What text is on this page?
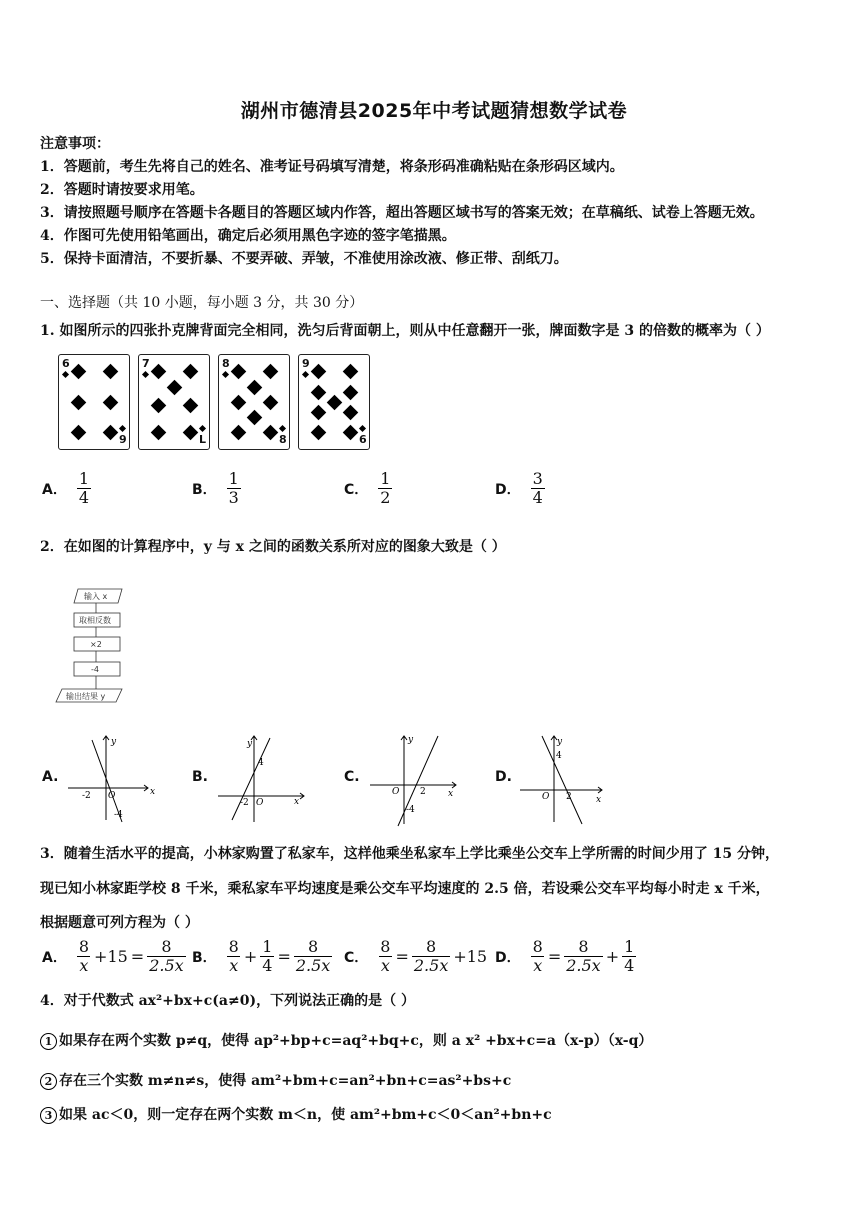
湖州市德清县2025年中考试题猜想数学试卷
注意事项：
1．答题前，考生先将自己的姓名、准考证号码填写清楚，将条形码准确粘贴在条形码区域内。
2．答题时请按要求用笔。
3．请按照题号顺序在答题卡各题目的答题区域内作答，超出答题区域书写的答案无效；在草稿纸、试卷上答题无效。
4．作图可先使用铅笔画出，确定后必须用黑色字迹的签字笔描黑。
5．保持卡面清洁，不要折暴、不要弄破、弄皱，不准使用涂改液、修正带、刮纸刀。
一、选择题（共 10 小题，每小题 3 分，共 30 分）
1. 如图所示的四张扑克牌背面完全相同，洗匀后背面朝上，则从中任意翻开一张，牌面数字是 3 的倍数的概率为（ ）
6
9
7
L
8
8
9
6
A． $\frac{1}{4}$	B． $\frac{1}{3}$	C． $\frac{1}{2}$	D． $\frac{3}{4}$
2．在如图的计算程序中，y 与 x 之间的函数关系所对应的图象大致是（ ）
输入 x
取相反数
×2
-4
输出结果 y
A.
x
y
O
-2
-4
B.
x
y
O
-2
4
C.
x
y
O 2
-4
D.
x
y
O 2
4
3．随着生活水平的提高，小林家购置了私家车，这样他乘坐私家车上学比乘坐公交车上学所需的时间少用了 15 分钟，
现已知小林家距学校 8 千米，乘私家车平均速度是乘公交车平均速度的 2.5 倍，若设乘公交车平均每小时走 x 千米，
根据题意可列方程为（ ）
A． $\frac{8}{x} +15 = \frac{8}{2.5x}$ B． $\frac{8}{x} + \frac{1}{4} = \frac{8}{2.5x}$ C． $\frac{8}{x} = \frac{8}{2.5x} +15$ D． $\frac{8}{x} = \frac{8}{2.5x} + \frac{1}{4}$
4．对于代数式 ax²+bx+c(a≠0)，下列说法正确的是（ ）
1 如果存在两个实数 p≠q，使得 ap²+bp+c=aq²+bq+c，则 a x² +bx+c=a（x-p）（x-q）
2 存在三个实数 m≠n≠s，使得 am²+bm+c=an²+bn+c=as²+bs+c
3 如果 ac＜0，则一定存在两个实数 m＜n，使 am²+bm+c＜0＜an²+bn+c
